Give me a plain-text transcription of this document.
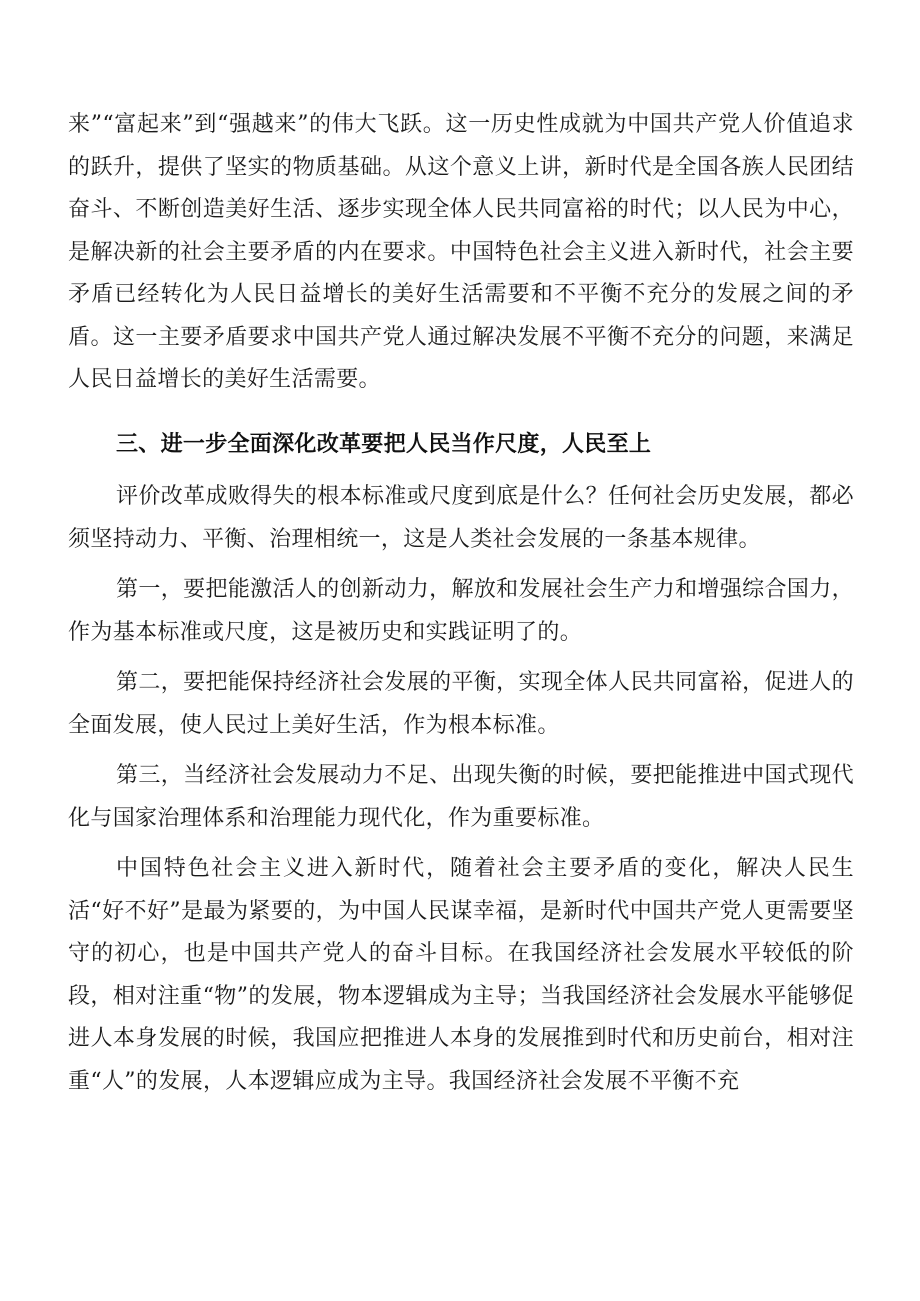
来”“富起来”到“强越来”的伟大飞跃。这一历史性成就为中国共产党人价值追求的跃升，提供了坚实的物质基础。从这个意义上讲，新时代是全国各族人民团结奋斗、不断创造美好生活、逐步实现全体人民共同富裕的时代；以人民为中心，是解决新的社会主要矛盾的内在要求。中国特色社会主义进入新时代，社会主要矛盾已经转化为人民日益增长的美好生活需要和不平衡不充分的发展之间的矛盾。这一主要矛盾要求中国共产党人通过解决发展不平衡不充分的问题，来满足人民日益增长的美好生活需要。

三、进一步全面深化改革要把人民当作尺度，人民至上

评价改革成败得失的根本标准或尺度到底是什么？任何社会历史发展，都必须坚持动力、平衡、治理相统一，这是人类社会发展的一条基本规律。

第一，要把能激活人的创新动力，解放和发展社会生产力和增强综合国力，作为基本标准或尺度，这是被历史和实践证明了的。

第二，要把能保持经济社会发展的平衡，实现全体人民共同富裕，促进人的全面发展，使人民过上美好生活，作为根本标准。

第三，当经济社会发展动力不足、出现失衡的时候，要把能推进中国式现代化与国家治理体系和治理能力现代化，作为重要标准。

中国特色社会主义进入新时代，随着社会主要矛盾的变化，解决人民生活“好不好”是最为紧要的，为中国人民谋幸福，是新时代中国共产党人更需要坚守的初心，也是中国共产党人的奋斗目标。在我国经济社会发展水平较低的阶段，相对注重“物”的发展，物本逻辑成为主导；当我国经济社会发展水平能够促进人本身发展的时候，我国应把推进人本身的发展推到时代和历史前台，相对注重“人”的发展，人本逻辑应成为主导。我国经济社会发展不平衡不充
